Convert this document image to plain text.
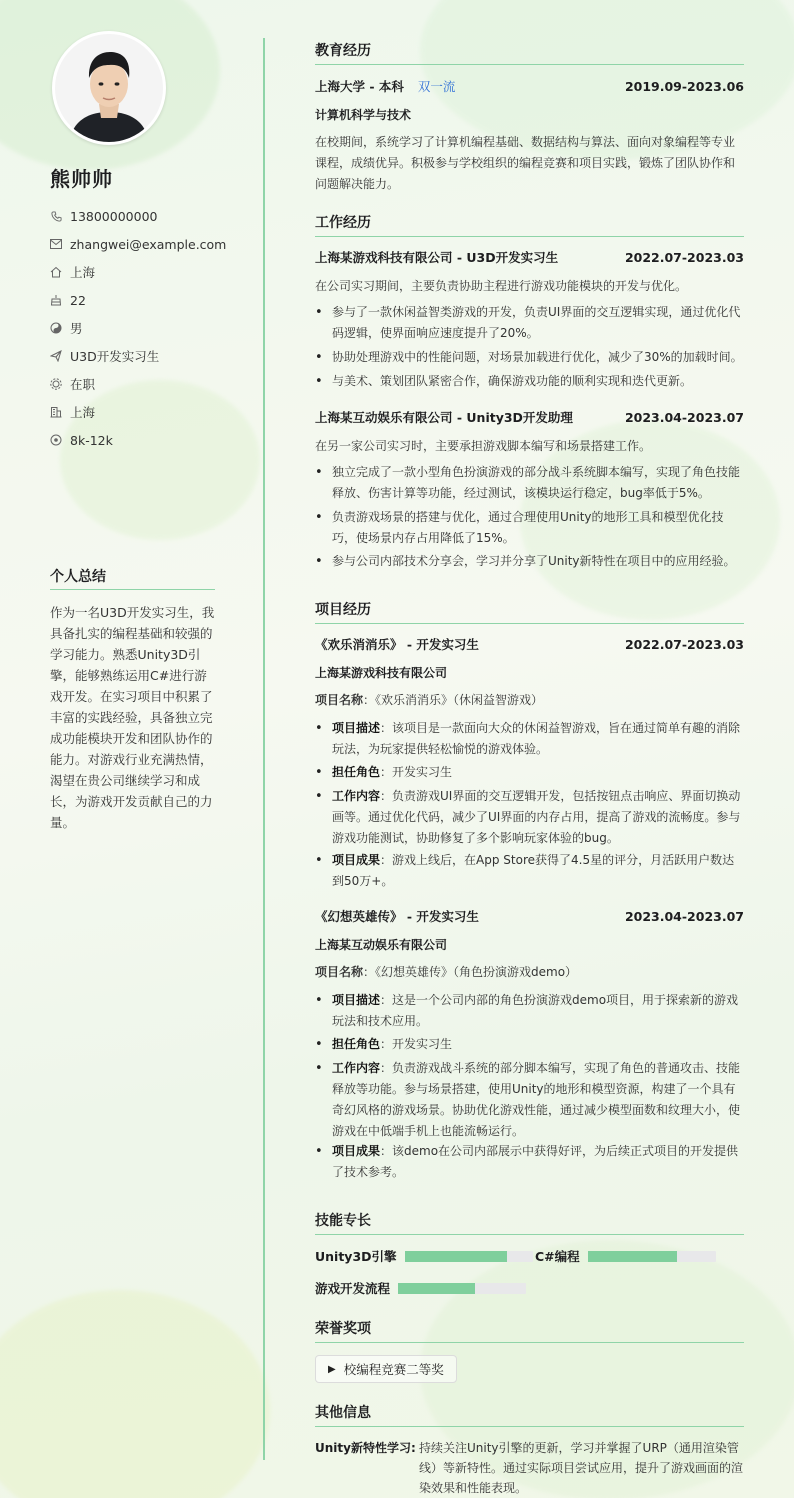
熊帅帅
13800000000
zhangwei@example.com
上海
22
男
U3D开发实习生
在职
上海
8k-12k
个人总结
作为一名U3D开发实习生，我具备扎实的编程基础和较强的学习能力。熟悉Unity3D引擎，能够熟练运用C#进行游戏开发。在实习项目中积累了丰富的实践经验，具备独立完成功能模块开发和团队协作的能力。对游戏行业充满热情，渴望在贵公司继续学习和成长，为游戏开发贡献自己的力量。
教育经历
上海大学 - 本科 双一流	2019.09-2023.06
计算机科学与技术
在校期间，系统学习了计算机编程基础、数据结构与算法、面向对象编程等专业课程，成绩优异。积极参与学校组织的编程竞赛和项目实践，锻炼了团队协作和问题解决能力。
工作经历
上海某游戏科技有限公司 - U3D开发实习生	2022.07-2023.03
在公司实习期间，主要负责协助主程进行游戏功能模块的开发与优化。
• 参与了一款休闲益智类游戏的开发，负责UI界面的交互逻辑实现，通过优化代码逻辑，使界面响应速度提升了20%。
• 协助处理游戏中的性能问题，对场景加载进行优化，减少了30%的加载时间。
• 与美术、策划团队紧密合作，确保游戏功能的顺利实现和迭代更新。
上海某互动娱乐有限公司 - Unity3D开发助理	2023.04-2023.07
在另一家公司实习时，主要承担游戏脚本编写和场景搭建工作。
• 独立完成了一款小型角色扮演游戏的部分战斗系统脚本编写，实现了角色技能释放、伤害计算等功能，经过测试，该模块运行稳定，bug率低于5%。
• 负责游戏场景的搭建与优化，通过合理使用Unity的地形工具和模型优化技巧，使场景内存占用降低了15%。
• 参与公司内部技术分享会，学习并分享了Unity新特性在项目中的应用经验。
项目经历
《欢乐消消乐》 - 开发实习生	2022.07-2023.03
上海某游戏科技有限公司
项目名称：《欢乐消消乐》（休闲益智游戏）
• 项目描述：该项目是一款面向大众的休闲益智游戏，旨在通过简单有趣的消除玩法，为玩家提供轻松愉悦的游戏体验。
• 担任角色：开发实习生
• 工作内容：负责游戏UI界面的交互逻辑开发，包括按钮点击响应、界面切换动画等。通过优化代码，减少了UI界面的内存占用，提高了游戏的流畅度。参与游戏功能测试，协助修复了多个影响玩家体验的bug。
• 项目成果：游戏上线后，在App Store获得了4.5星的评分，月活跃用户数达到50万+。
《幻想英雄传》 - 开发实习生	2023.04-2023.07
上海某互动娱乐有限公司
项目名称：《幻想英雄传》（角色扮演游戏demo）
• 项目描述：这是一个公司内部的角色扮演游戏demo项目，用于探索新的游戏玩法和技术应用。
• 担任角色：开发实习生
• 工作内容：负责游戏战斗系统的部分脚本编写，实现了角色的普通攻击、技能释放等功能。参与场景搭建，使用Unity的地形和模型资源，构建了一个具有奇幻风格的游戏场景。协助优化游戏性能，通过减少模型面数和纹理大小，使游戏在中低端手机上也能流畅运行。
• 项目成果：该demo在公司内部展示中获得好评，为后续正式项目的开发提供了技术参考。
技能专长
Unity3D引擎	C#编程
游戏开发流程
荣誉奖项
▶ 校编程竞赛二等奖
其他信息
Unity新特性学习: 持续关注Unity引擎的更新，学习并掌握了URP（通用渲染管线）等新特性。通过实际项目尝试应用，提升了游戏画面的渲染效果和性能表现。
